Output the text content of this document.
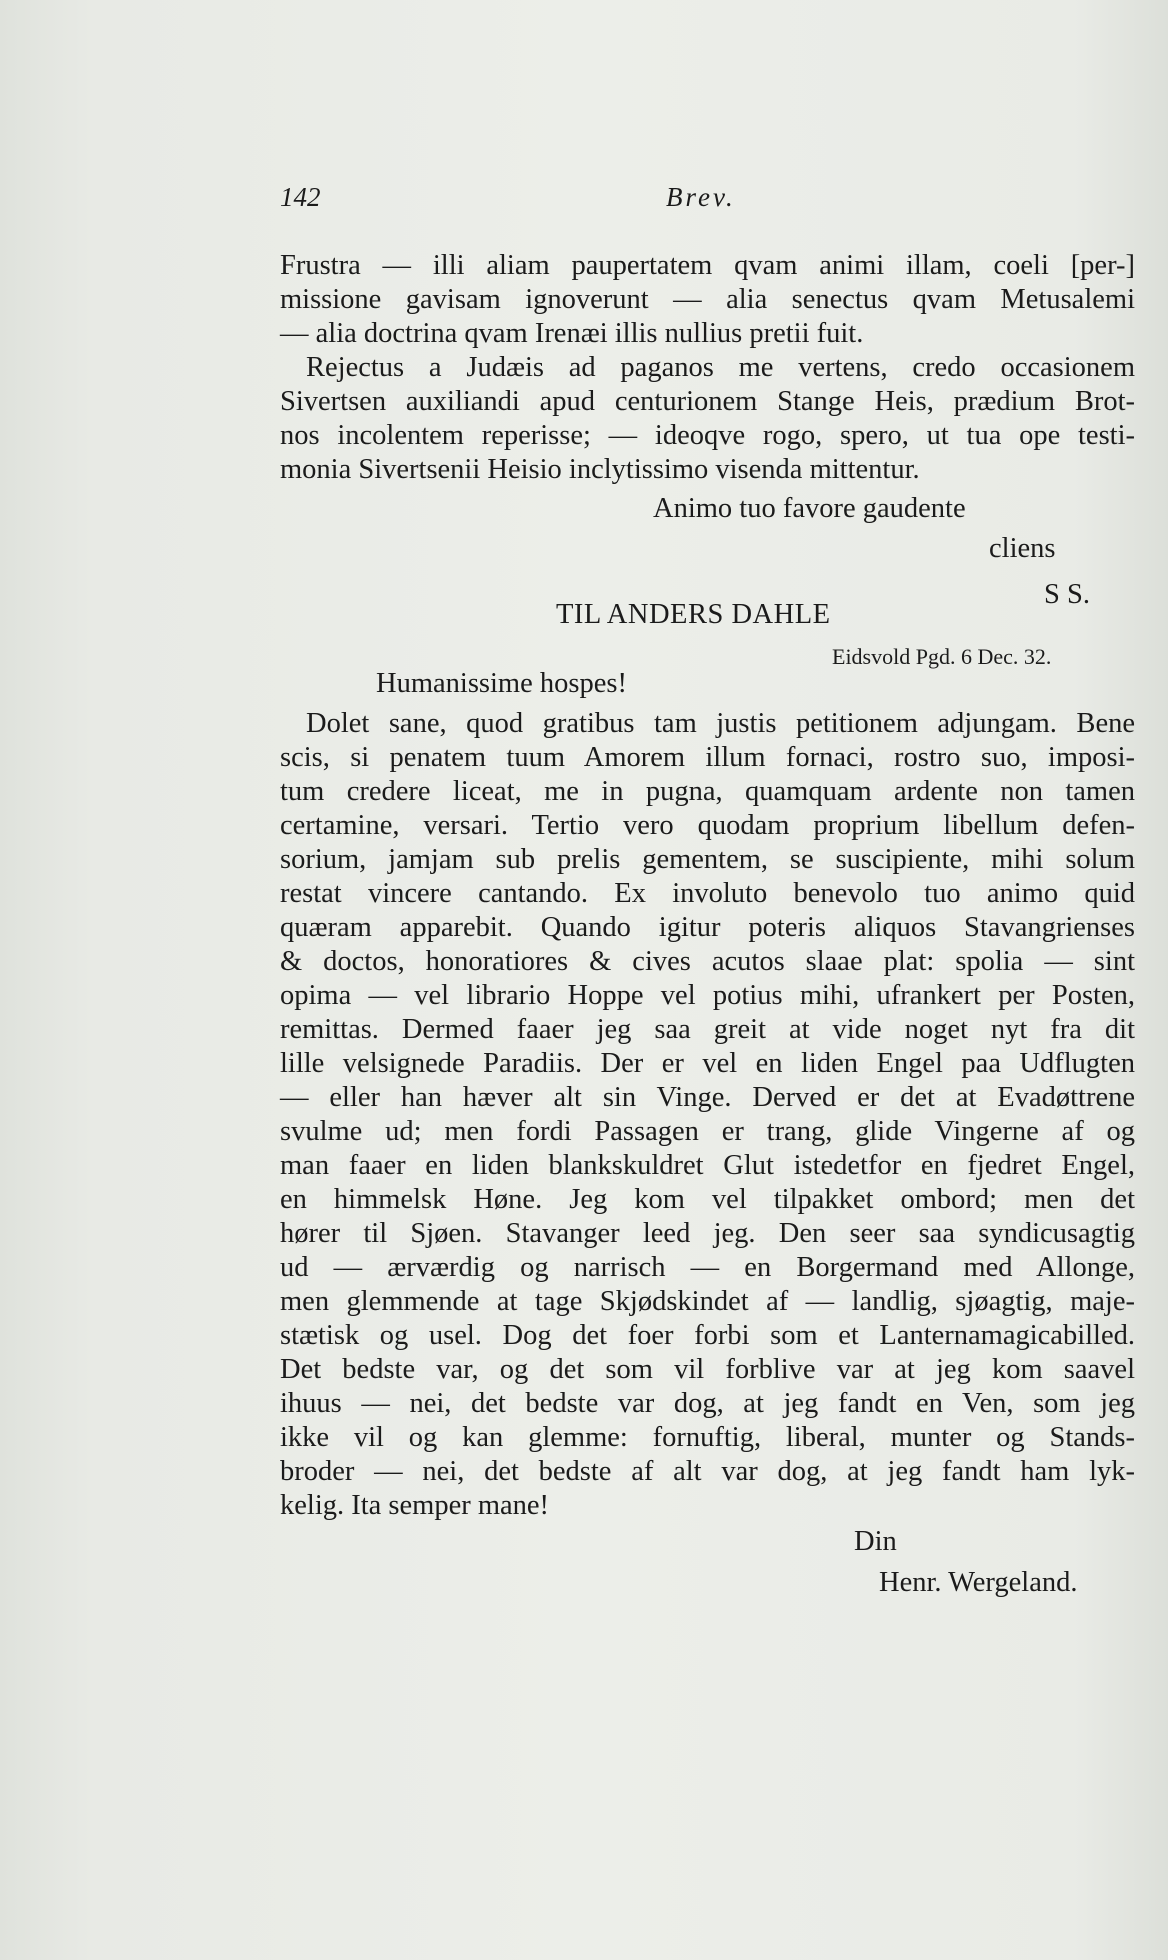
142	Brev.
Frustra — illi aliam paupertatem qvam animi illam, coeli [per-]
missione gavisam ignoverunt — alia senectus qvam Metusalemi
— alia doctrina qvam Irenæi illis nullius pretii fuit.
Rejectus a Judæis ad paganos me vertens, credo occasionem
Sivertsen auxiliandi apud centurionem Stange Heis, prædium Brot-
nos incolentem reperisse; — ideoqve rogo, spero, ut tua ope testi-
monia Sivertsenii Heisio inclytissimo visenda mittentur.
Animo tuo favore gaudente
cliens
S S.
TIL ANDERS DAHLE
Eidsvold Pgd. 6 Dec. 32.
Humanissime hospes!
Dolet sane, quod gratibus tam justis petitionem adjungam. Bene
scis, si penatem tuum Amorem illum fornaci, rostro suo, imposi-
tum credere liceat, me in pugna, quamquam ardente non tamen
certamine, versari. Tertio vero quodam proprium libellum defen-
sorium, jamjam sub prelis gementem, se suscipiente, mihi solum
restat vincere cantando. Ex involuto benevolo tuo animo quid
quæram apparebit. Quando igitur poteris aliquos Stavangrienses
& doctos, honoratiores & cives acutos slaae plat: spolia — sint
opima — vel librario Hoppe vel potius mihi, ufrankert per Posten,
remittas. Dermed faaer jeg saa greit at vide noget nyt fra dit
lille velsignede Paradiis. Der er vel en liden Engel paa Udflugten
— eller han hæver alt sin Vinge. Derved er det at Evadøttrene
svulme ud; men fordi Passagen er trang, glide Vingerne af og
man faaer en liden blankskuldret Glut istedetfor en fjedret Engel,
en himmelsk Høne. Jeg kom vel tilpakket ombord; men det
hører til Sjøen. Stavanger leed jeg. Den seer saa syndicusagtig
ud — ærværdig og narrisch — en Borgermand med Allonge,
men glemmende at tage Skjødskindet af — landlig, sjøagtig, maje-
stætisk og usel. Dog det foer forbi som et Lanternamagicabilled.
Det bedste var, og det som vil forblive var at jeg kom saavel
ihuus — nei, det bedste var dog, at jeg fandt en Ven, som jeg
ikke vil og kan glemme: fornuftig, liberal, munter og Stands-
broder — nei, det bedste af alt var dog, at jeg fandt ham lyk-
kelig. Ita semper mane!
Din
Henr. Wergeland.
